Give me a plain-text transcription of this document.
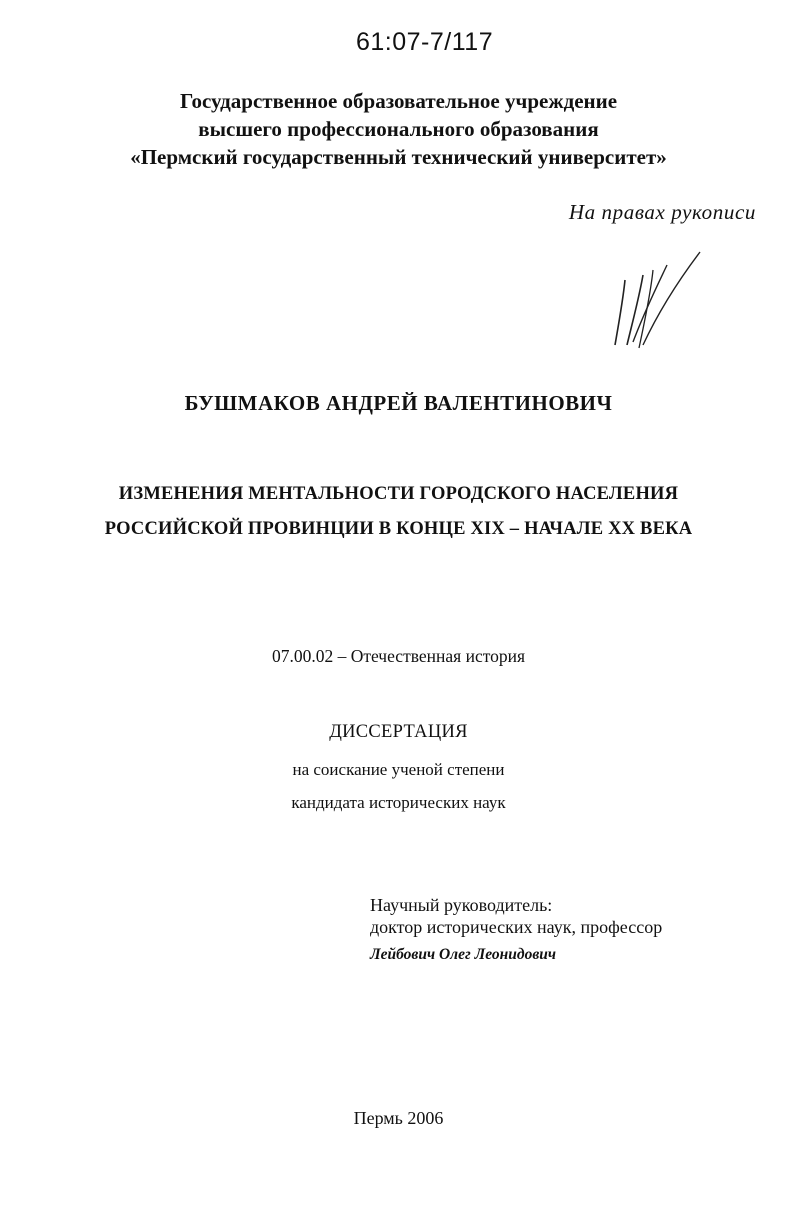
61:07-7/117
Государственное образовательное учреждение
высшего профессионального образования
«Пермский государственный технический университет»
На правах рукописи
БУШМАКОВ АНДРЕЙ ВАЛЕНТИНОВИЧ
ИЗМЕНЕНИЯ МЕНТАЛЬНОСТИ ГОРОДСКОГО НАСЕЛЕНИЯ
РОССИЙСКОЙ ПРОВИНЦИИ В КОНЦЕ XIX – НАЧАЛЕ XX ВЕКА
07.00.02 – Отечественная история
ДИССЕРТАЦИЯ
на соискание ученой степени
кандидата исторических наук
Научный руководитель:
доктор исторических наук, профессор
Лейбович Олег Леонидович
Пермь 2006
